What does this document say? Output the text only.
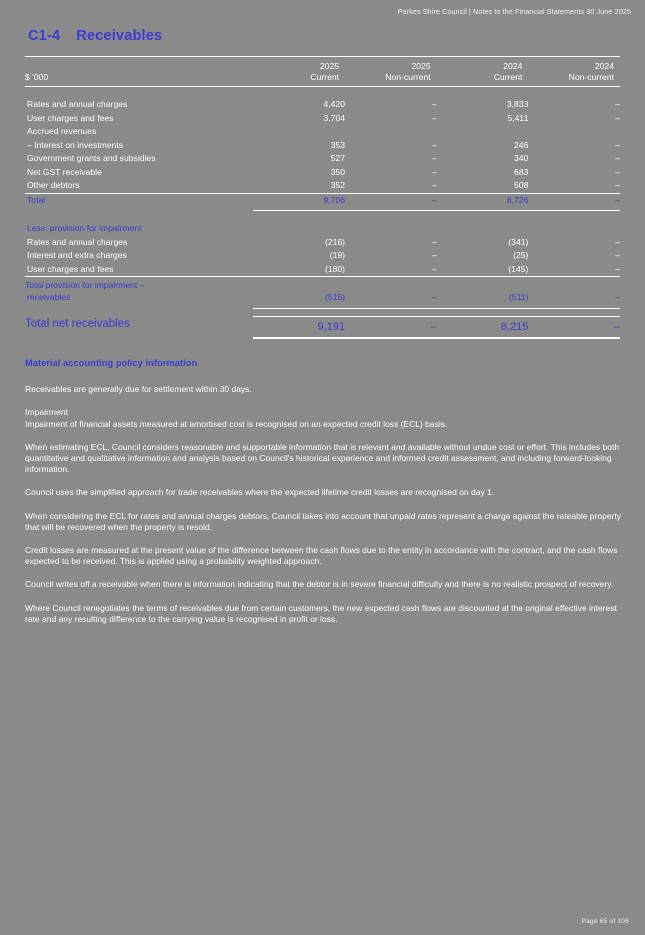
Parkes Shire Council | Notes to the Financial Statements 30 June 2025
C1-4 Receivables

	2025	2025	2024	2024
$ '000	Current	Non-current	Current	Non-current

Rates and annual charges	4,420	–	3,833	–
User charges and fees	3,704	–	5,411	–
Accrued revenues				
– Interest on investments	353	–	246	–
Government grants and subsidies	527	–	340	–
Net GST receivable	350	–	683	–
Other debtors	352	–	508	–
Total	9,706	–	8,726	–

Less: provision for impairment				
Rates and annual charges	(216)	–	(341)	–
Interest and extra charges	(19)	–	(25)	–
User charges and fees	(180)	–	(145)	–
Total provision for impairment –				
receivables	(515)	–	(511)	–

Total net receivables	9,191	–	8,215	–

Material accounting policy information

Receivables are generally due for settlement within 30 days.

Impairment

Impairment of financial assets measured at amortised cost is recognised on an expected credit loss (ECL) basis.

When estimating ECL, Council considers reasonable and supportable information that is relevant and available without undue cost or effort. This includes both quantitative and qualitative information and analysis based on Council's historical experience and informed credit assessment, and including forward-looking information.

Council uses the simplified approach for trade receivables where the expected lifetime credit losses are recognised on day 1.

When considering the ECL for rates and annual charges debtors, Council takes into account that unpaid rates represent a charge against the rateable property that will be recovered when the property is resold.

Credit losses are measured at the present value of the difference between the cash flows due to the entity in accordance with the contract, and the cash flows expected to be received. This is applied using a probability weighted approach.

Council writes off a receivable when there is information indicating that the debtor is in severe financial difficulty and there is no realistic prospect of recovery.

Where Council renegotiates the terms of receivables due from certain customers, the new expected cash flows are discounted at the original effective interest rate and any resulting difference to the carrying value is recognised in profit or loss.

Page 65 of 106
